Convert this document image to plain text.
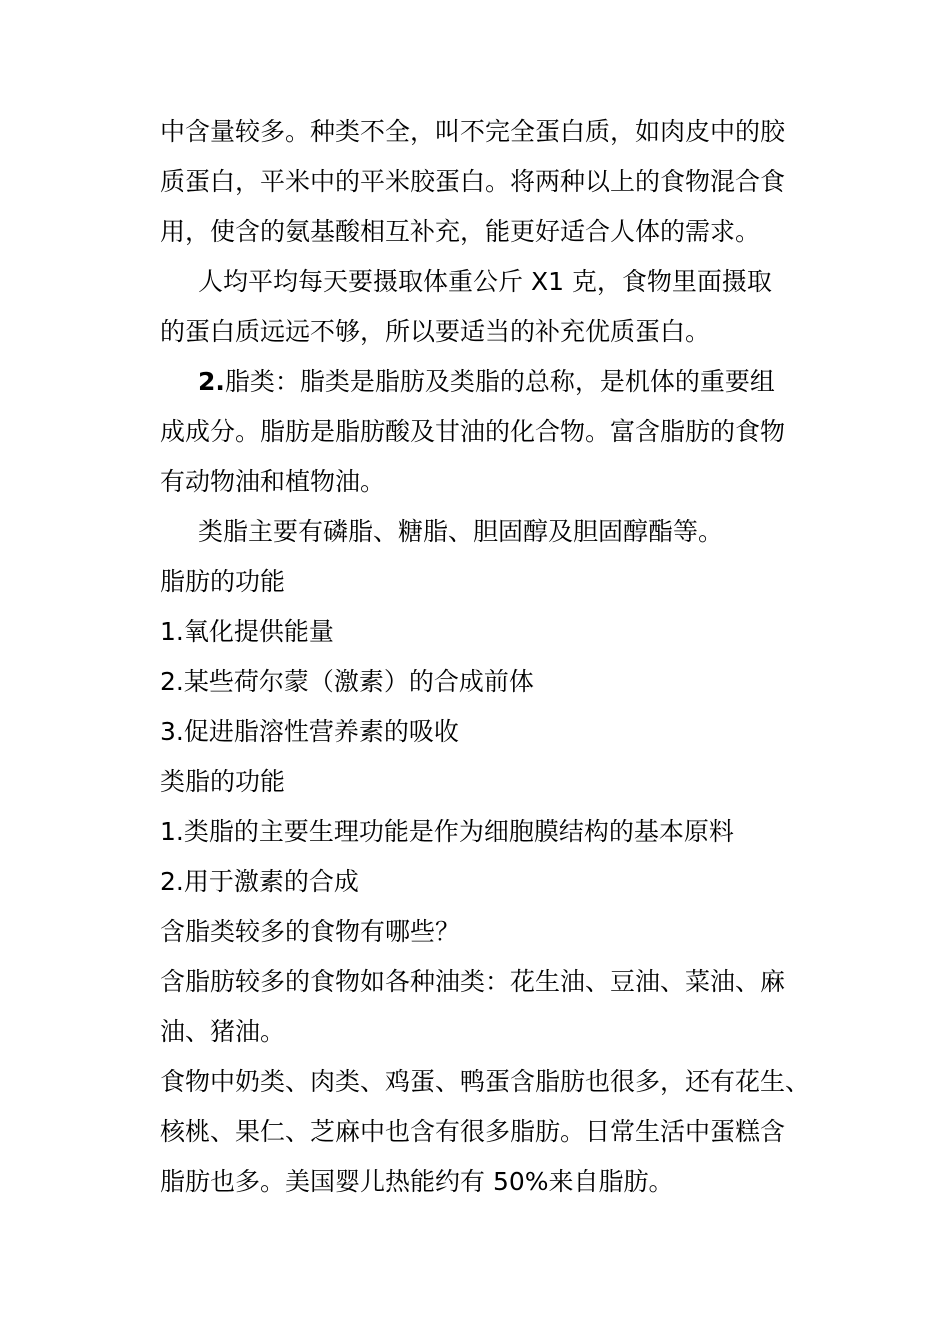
中含量较多。种类不全，叫不完全蛋白质，如肉皮中的胶
质蛋白，平米中的平米胶蛋白。将两种以上的食物混合食
用，使含的氨基酸相互补充，能更好适合人体的需求。
人均平均每天要摄取体重公斤 X1 克，食物里面摄取
的蛋白质远远不够，所以要适当的补充优质蛋白。
2.脂类：脂类是脂肪及类脂的总称，是机体的重要组
成成分。脂肪是脂肪酸及甘油的化合物。富含脂肪的食物
有动物油和植物油。
类脂主要有磷脂、糖脂、胆固醇及胆固醇酯等。
脂肪的功能
1.氧化提供能量
2.某些荷尔蒙（激素）的合成前体
3.促进脂溶性营养素的吸收
类脂的功能
1.类脂的主要生理功能是作为细胞膜结构的基本原料
2.用于激素的合成
含脂类较多的食物有哪些？
含脂肪较多的食物如各种油类：花生油、豆油、菜油、麻
油、猪油。
食物中奶类、肉类、鸡蛋、鸭蛋含脂肪也很多，还有花生、
核桃、果仁、芝麻中也含有很多脂肪。日常生活中蛋糕含
脂肪也多。美国婴儿热能约有 50%来自脂肪。
